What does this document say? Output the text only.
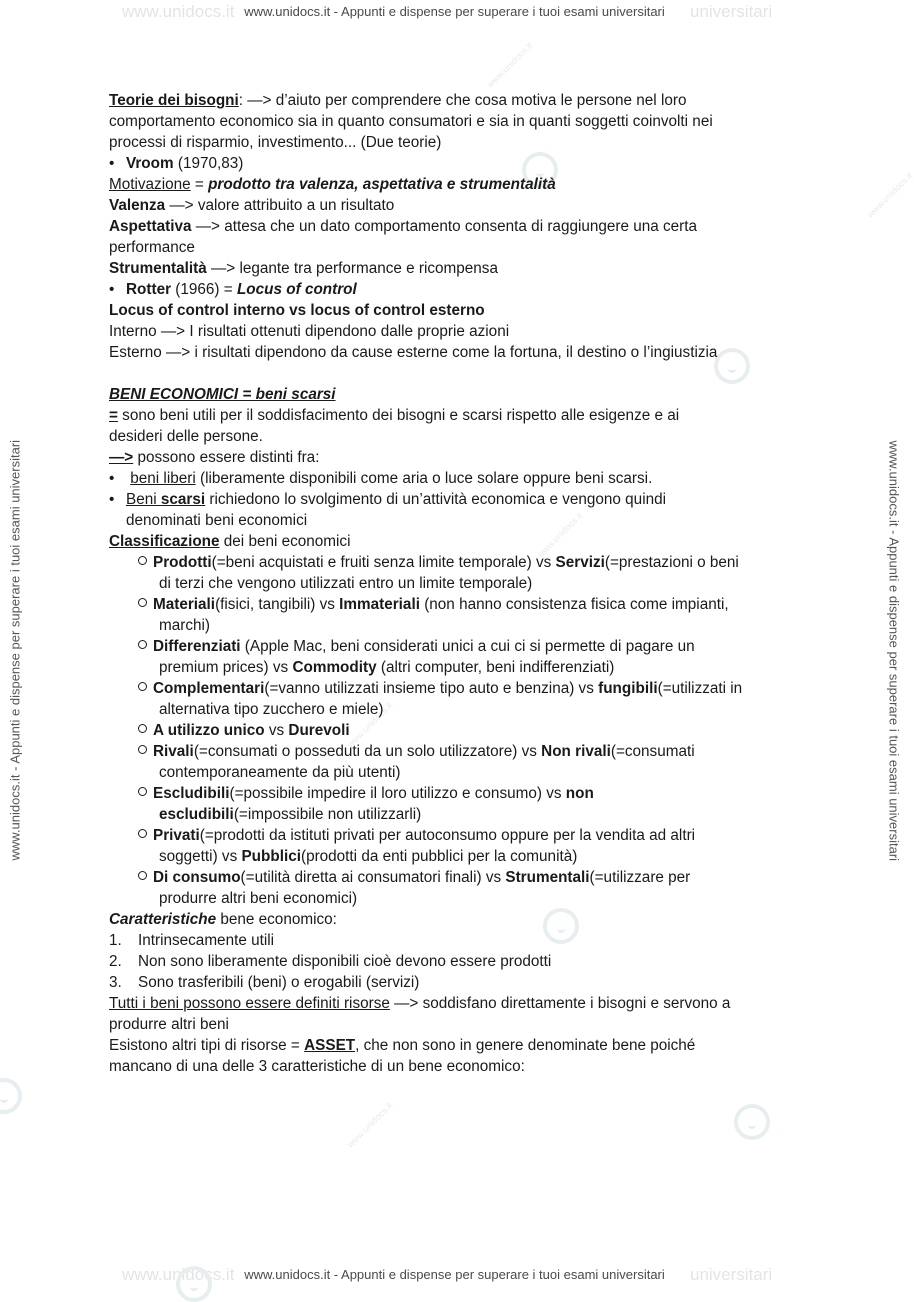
www.unidocs.it	universitari
www.unidocs.it - Appunti e dispense per superare i tuoi esami universitari
www.unidocs.it	universitari
www.unidocs.it - Appunti e dispense per superare i tuoi esami universitari
www.unidocs.it - Appunti e dispense per superare i tuoi esami universitari	www.unidocs.it - Appunti e dispense per superare i tuoi esami universitari
www.unidocs.it
www.unidocs.it
www.unidocs.it
www.unidocs.it
www.unidocs.it
Teorie dei bisogni: —> d’aiuto per comprendere che cosa motiva le persone nel loro
comportamento economico sia in quanto consumatori e sia in quanti soggetti coinvolti nei
processi di risparmio, investimento... (Due teorie)
• Vroom (1970,83)
Motivazione = prodotto tra valenza, aspettativa e strumentalità
Valenza —> valore attribuito a un risultato
Aspettativa —> attesa che un dato comportamento consenta di raggiungere una certa
performance
Strumentalità —> legante tra performance e ricompensa
• Rotter (1966) = Locus of control
Locus of control interno vs locus of control esterno
Interno —> I risultati ottenuti dipendono dalle proprie azioni
Esterno —> i risultati dipendono da cause esterne come la fortuna, il destino o l’ingiustizia
BENI ECONOMICI = beni scarsi
= sono beni utili per il soddisfacimento dei bisogni e scarsi rispetto alle esigenze e ai
desideri delle persone.
—> possono essere distinti fra:
• beni liberi (liberamente disponibili come aria o luce solare oppure beni scarsi.
• Beni scarsi richiedono lo svolgimento di un’attività economica e vengono quindi
denominati beni economici
Classificazione dei beni economici
Prodotti(=beni acquistati e fruiti senza limite temporale) vs Servizi(=prestazioni o beni
di terzi che vengono utilizzati entro un limite temporale)
Materiali(fisici, tangibili) vs Immateriali (non hanno consistenza fisica come impianti,
marchi)
Differenziati (Apple Mac, beni considerati unici a cui ci si permette di pagare un
premium prices) vs Commodity (altri computer, beni indifferenziati)
Complementari(=vanno utilizzati insieme tipo auto e benzina) vs fungibili(=utilizzati in
alternativa tipo zucchero e miele)
A utilizzo unico vs Durevoli
Rivali(=consumati o posseduti da un solo utilizzatore) vs Non rivali(=consumati
contemporaneamente da più utenti)
Escludibili(=possibile impedire il loro utilizzo e consumo) vs non
escludibili(=impossibile non utilizzarli)
Privati(=prodotti da istituti privati per autoconsumo oppure per la vendita ad altri
soggetti) vs Pubblici(prodotti da enti pubblici per la comunità)
Di consumo(=utilità diretta ai consumatori finali) vs Strumentali(=utilizzare per
produrre altri beni economici)
Caratteristiche bene economico:
1. Intrinsecamente utili
2. Non sono liberamente disponibili cioè devono essere prodotti
3. Sono trasferibili (beni) o erogabili (servizi)
Tutti i beni possono essere definiti risorse —> soddisfano direttamente i bisogni e servono a
produrre altri beni
Esistono altri tipi di risorse = ASSET, che non sono in genere denominate bene poiché
mancano di una delle 3 caratteristiche di un bene economico:
